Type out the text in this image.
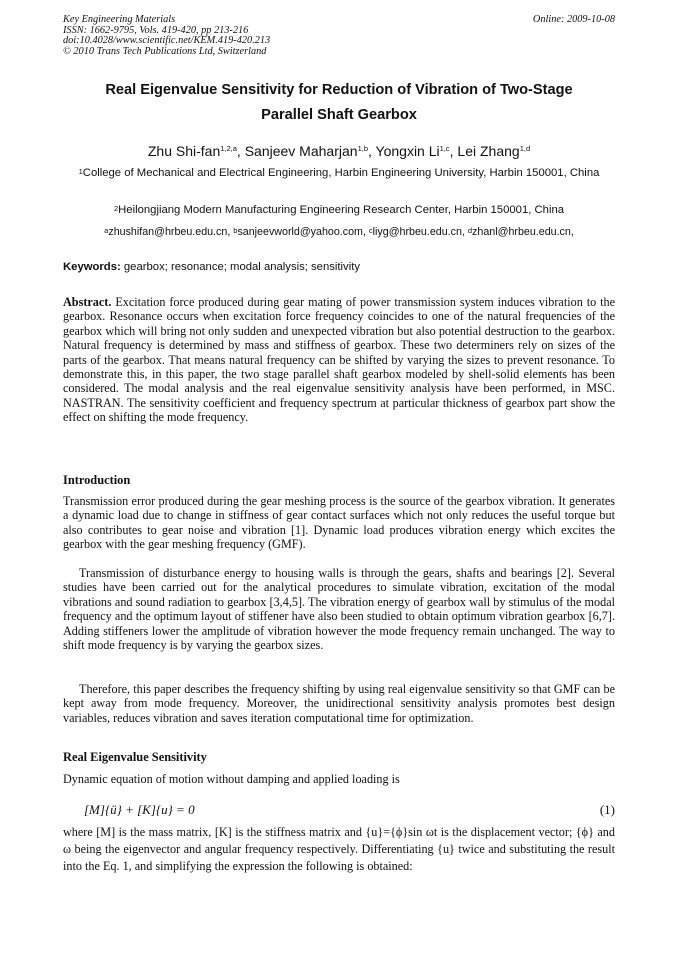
Key Engineering Materials
ISSN: 1662-9795, Vols. 419-420, pp 213-216
doi:10.4028/www.scientific.net/KEM.419-420.213
© 2010 Trans Tech Publications Ltd, Switzerland
Online: 2009-10-08
Real Eigenvalue Sensitivity for Reduction of Vibration of Two-Stage
Parallel Shaft Gearbox
Zhu Shi-fan$^{1,2,a}$, Sanjeev Maharjan$^{1,b}$, Yongxin Li$^{1,c}$, Lei Zhang$^{1,d}$
$^1$College of Mechanical and Electrical Engineering, Harbin Engineering University, Harbin 150001, China
$^2$Heilongjiang Modern Manufacturing Engineering Research Center, Harbin 150001, China
$^a$zhushifan@hrbeu.edu.cn, $^b$sanjeevworld@yahoo.com, $^c$liyg@hrbeu.edu.cn, $^d$zhanl@hrbeu.edu.cn,
Keywords: gearbox; resonance; modal analysis; sensitivity
Abstract. Excitation force produced during gear mating of power transmission system induces vibration to the gearbox. Resonance occurs when excitation force frequency coincides to one of the natural frequencies of the gearbox which will bring not only sudden and unexpected vibration but also potential destruction to the gearbox. Natural frequency is determined by mass and stiffness of gearbox. These two determiners rely on sizes of the parts of the gearbox. That means natural frequency can be shifted by varying the sizes to prevent resonance. To demonstrate this, in this paper, the two stage parallel shaft gearbox modeled by shell-solid elements has been considered. The modal analysis and the real eigenvalue sensitivity analysis have been performed, in MSC. NASTRAN. The sensitivity coefficient and frequency spectrum at particular thickness of gearbox part show the effect on shifting the mode frequency.
Introduction
Transmission error produced during the gear meshing process is the source of the gearbox vibration. It generates a dynamic load due to change in stiffness of gear contact surfaces which not only reduces the useful torque but also contributes to gear noise and vibration [1]. Dynamic load produces vibration energy which excites the gearbox with the gear meshing frequency (GMF).
Transmission of disturbance energy to housing walls is through the gears, shafts and bearings [2]. Several studies have been carried out for the analytical procedures to simulate vibration, excitation of the modal vibrations and sound radiation to gearbox [3,4,5]. The vibration energy of gearbox wall by stimulus of the modal frequency and the optimum layout of stiffener have also been studied to obtain optimum vibration gearbox [6,7]. Adding stiffeners lower the amplitude of vibration however the mode frequency remain unchanged. The way to shift mode frequency is by varying the gearbox sizes.
Therefore, this paper describes the frequency shifting by using real eigenvalue sensitivity so that GMF can be kept away from mode frequency. Moreover, the unidirectional sensitivity analysis promotes best design variables, reduces vibration and saves iteration computational time for optimization.
Real Eigenvalue Sensitivity
Dynamic equation of motion without damping and applied loading is
[M]{ü} + [K]{u} = 0	(1)
where [M] is the mass matrix, [K] is the stiffness matrix and {u}={ϕ}sin ωt is the displacement vector; {ϕ} and ω being the eigenvector and angular frequency respectively. Differentiating {u} twice and substituting the result into the Eq. 1, and simplifying the expression the following is obtained:
